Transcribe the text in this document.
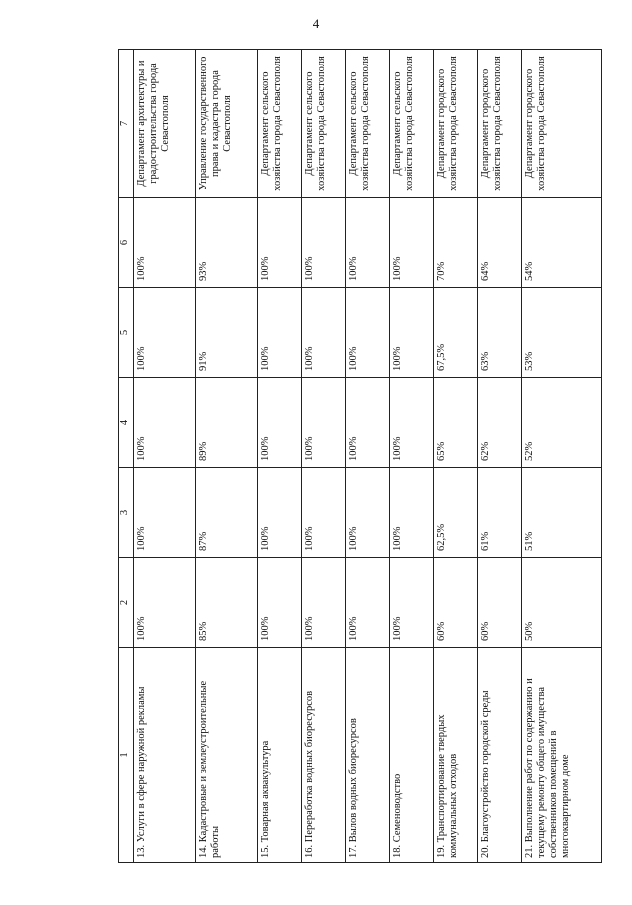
4
1	2	3	4	5	6	7
13. Услуги в сфере наружной рекламы	100%	100%	100%	100%	100%	Департамент архитектуры и градостроительства города Севастополя
14. Кадастровые и землеустроительные работы	85%	87%	89%	91%	93%	Управление государственного права и кадастра города Севастополя
15. Товарная аквакультура	100%	100%	100%	100%	100%	Департамент сельского хозяйства города Севастополя
16. Переработка водных биоресурсов	100%	100%	100%	100%	100%	Департамент сельского хозяйства города Севастополя
17. Вылов водных биоресурсов	100%	100%	100%	100%	100%	Департамент сельского хозяйства города Севастополя
18. Семеноводство	100%	100%	100%	100%	100%	Департамент сельского хозяйства города Севастополя
19. Транспортирование твердых коммунальных отходов	60%	62,5%	65%	67,5%	70%	Департамент городского хозяйства города Севастополя
20. Благоустройство городской среды	60%	61%	62%	63%	64%	Департамент городского хозяйства города Севастополя
21. Выполнение работ по содержанию и текущему ремонту общего имущества собственников помещений в многоквартирном доме	50%	51%	52%	53%	54%	Департамент городского хозяйства города Севастополя
